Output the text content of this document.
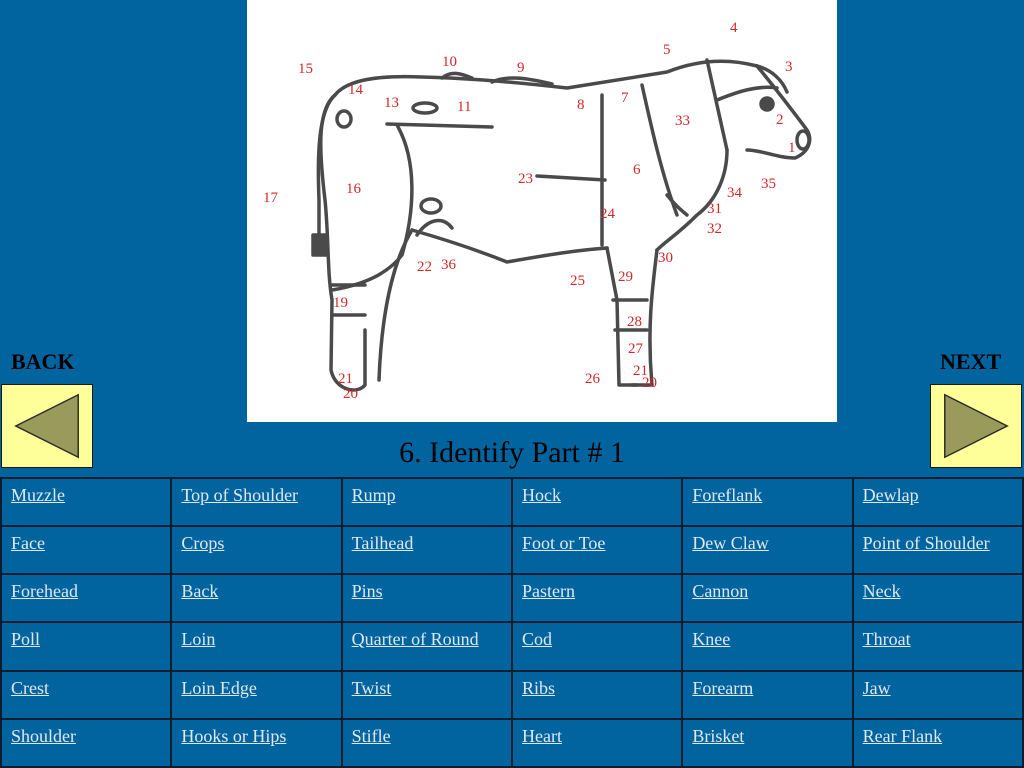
1
2
3
4
5
6
7
8
9
10
11
13
14
15
16
17
19
20
21
22
23
24
25
26
27
28
29
30
31
32
33
34
35
36
21
20
BACK	NEXT
6. Identify Part # 1
Muzzle	Top of Shoulder	Rump	Hock	Foreflank	Dewlap
Face	Crops	Tailhead	Foot or Toe	Dew Claw	Point of Shoulder
Forehead	Back	Pins	Pastern	Cannon	Neck
Poll	Loin	Quarter of Round	Cod	Knee	Throat
Crest	Loin Edge	Twist	Ribs	Forearm	Jaw
Shoulder	Hooks or Hips	Stifle	Heart	Brisket	Rear Flank
